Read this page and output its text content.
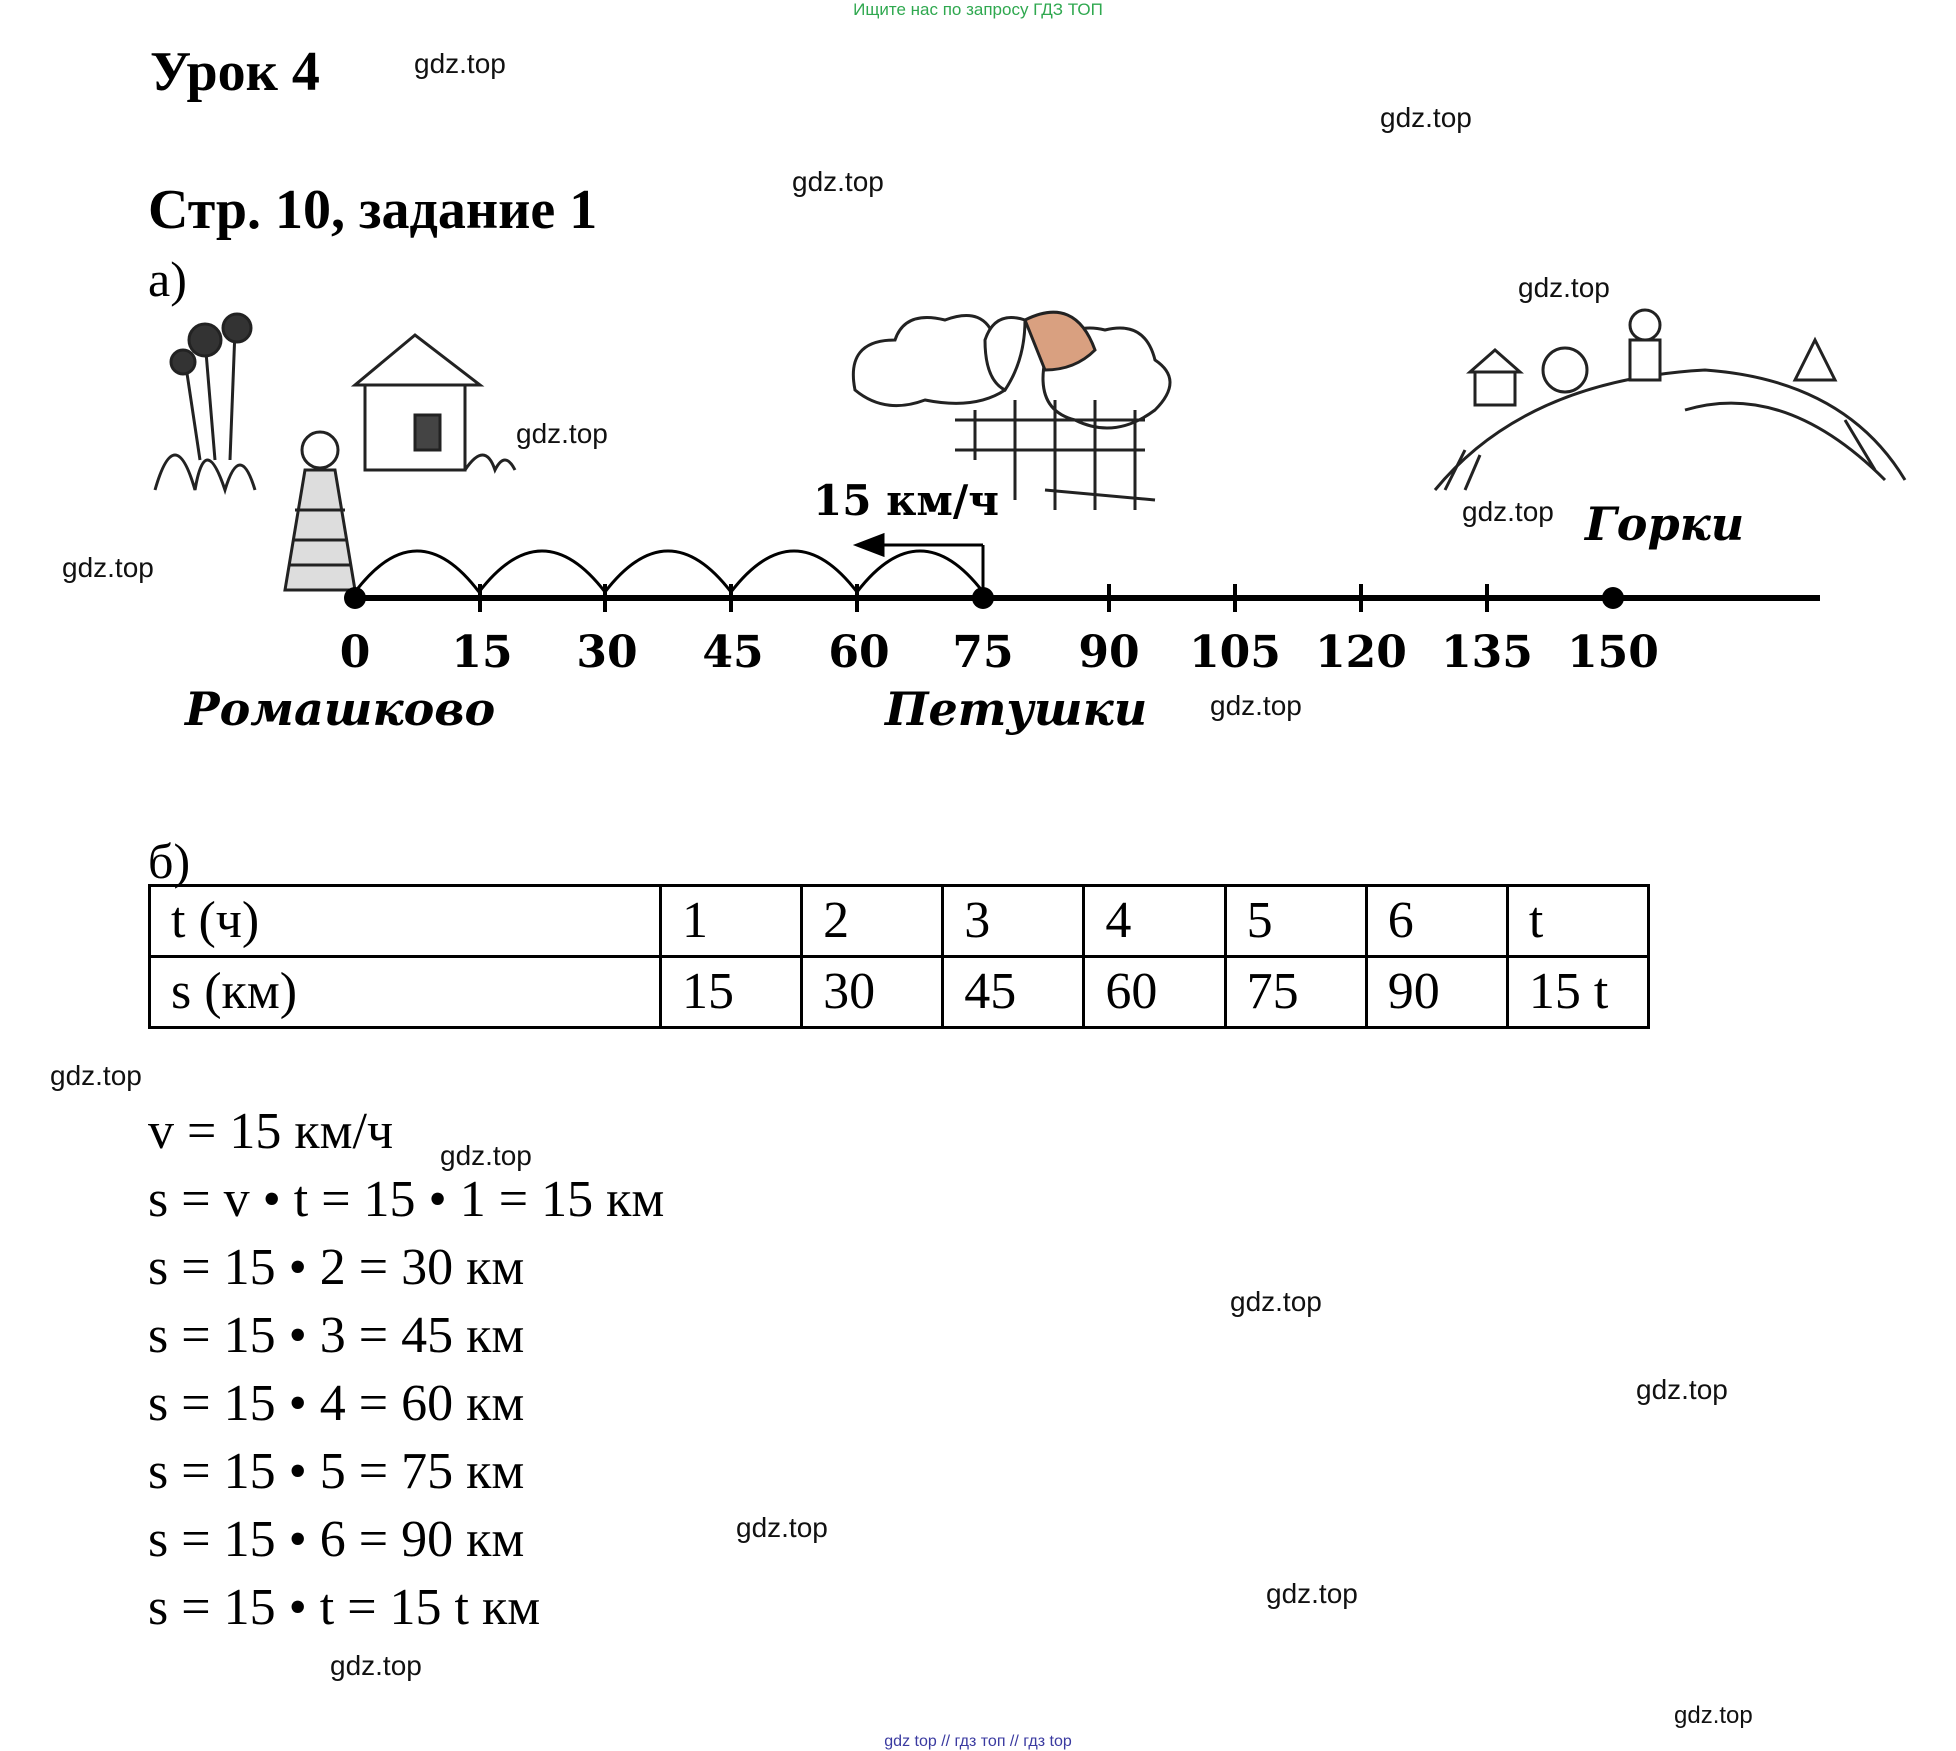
Ищите нас по запросу ГДЗ ТОП
Урок 4
Стр. 10, задание 1
а)
15 км/ч
0 15 30 45 60 75 90 105 120 135 150
Ромашково	Петушки
Горки
б)
t (ч)	1	2	3	4	5	6	t
s (км)	15	30	45	60	75	90	15 t
v = 15 км/ч
s = v • t = 15 • 1 = 15 км
s = 15 • 2 = 30 км
s = 15 • 3 = 45 км
s = 15 • 4 = 60 км
s = 15 • 5 = 75 км
s = 15 • 6 = 90 км
s = 15 • t = 15 t км
gdz.top
gdz.top
gdz.top
gdz.top
gdz.top
gdz.top
gdz.top
gdz.top
gdz.top
gdz.top
gdz.top
gdz.top
gdz.top
gdz.top
gdz.top
gdz.top
gdz top // гдз топ // гдз top
